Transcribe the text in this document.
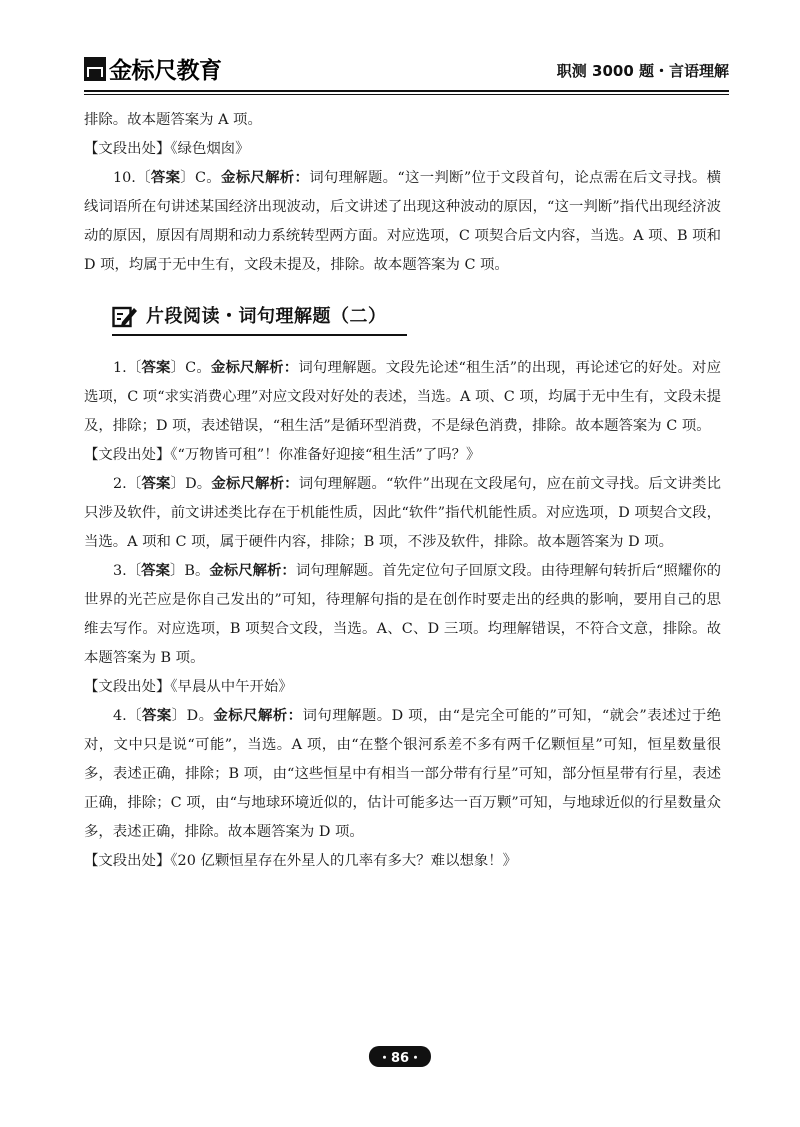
金标尺教育	职测 3000 题・言语理解

排除。故本题答案为 A 项。

【文段出处】《绿色烟囱》

10.〔答案〕C。金标尺解析：词句理解题。“这一判断”位于文段首句，论点需在后文寻找。横线词语所在句讲述某国经济出现波动，后文讲述了出现这种波动的原因，“这一判断”指代出现经济波动的原因，原因有周期和动力系统转型两方面。对应选项，C 项契合后文内容，当选。A 项、B 项和 D 项，均属于无中生有，文段未提及，排除。故本题答案为 C 项。

片段阅读・词句理解题（二）

1.〔答案〕C。金标尺解析：词句理解题。文段先论述“租生活”的出现，再论述它的好处。对应选项，C 项“求实消费心理”对应文段对好处的表述，当选。A 项、C 项，均属于无中生有，文段未提及，排除；D 项，表述错误，“租生活”是循环型消费，不是绿色消费，排除。故本题答案为 C 项。

【文段出处】《“万物皆可租”！你准备好迎接“租生活”了吗？》

2.〔答案〕D。金标尺解析：词句理解题。“软件”出现在文段尾句，应在前文寻找。后文讲类比只涉及软件，前文讲述类比存在于机能性质，因此“软件”指代机能性质。对应选项，D 项契合文段，当选。A 项和 C 项，属于硬件内容，排除；B 项，不涉及软件，排除。故本题答案为 D 项。

3.〔答案〕B。金标尺解析：词句理解题。首先定位句子回原文段。由待理解句转折后“照耀你的世界的光芒应是你自己发出的”可知，待理解句指的是在创作时要走出的经典的影响，要用自己的思维去写作。对应选项，B 项契合文段，当选。A、C、D 三项。均理解错误，不符合文意，排除。故本题答案为 B 项。

【文段出处】《早晨从中午开始》

4.〔答案〕D。金标尺解析：词句理解题。D 项，由“是完全可能的”可知，“就会”表述过于绝对，文中只是说“可能”，当选。A 项，由“在整个银河系差不多有两千亿颗恒星”可知，恒星数量很多，表述正确，排除；B 项，由“这些恒星中有相当一部分带有行星”可知，部分恒星带有行星，表述正确，排除；C 项，由“与地球环境近似的，估计可能多达一百万颗”可知，与地球近似的行星数量众多，表述正确，排除。故本题答案为 D 项。

【文段出处】《20 亿颗恒星存在外星人的几率有多大？难以想象！》

・86・
